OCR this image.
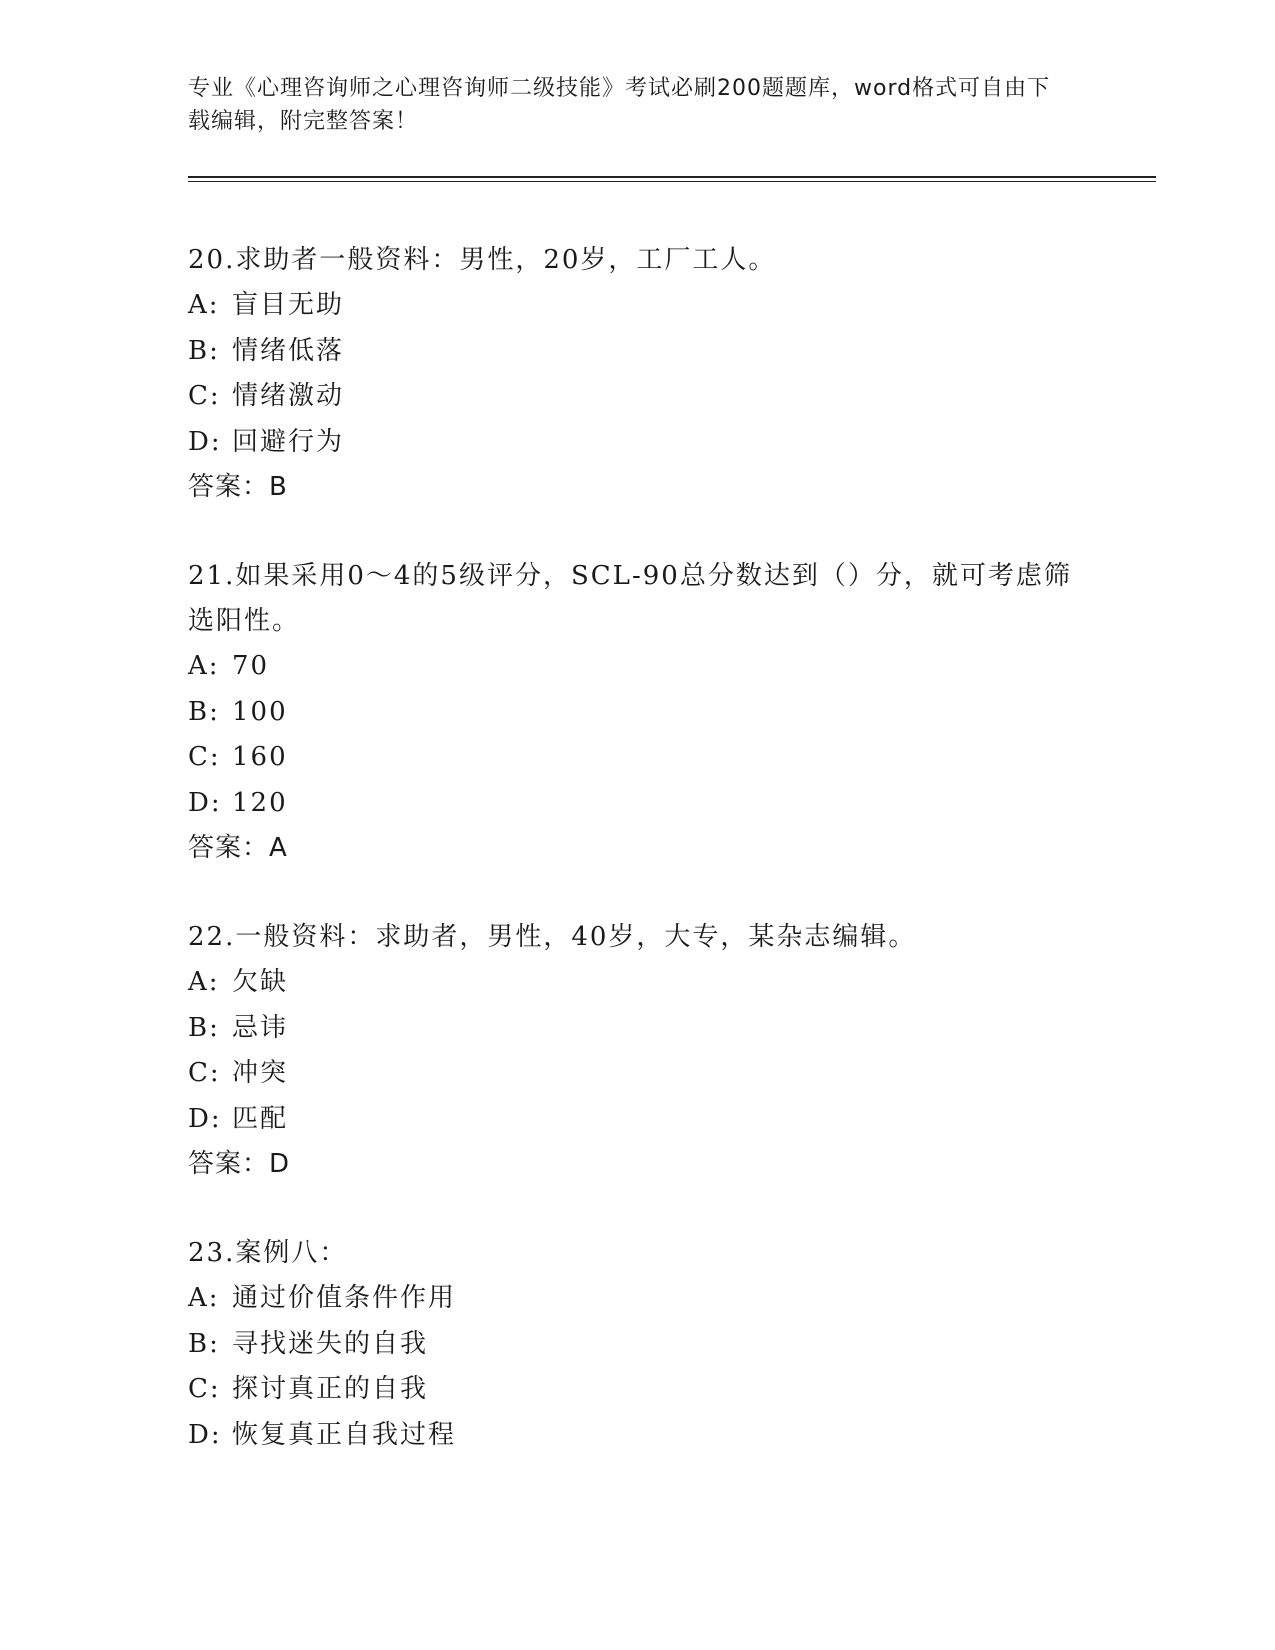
专业《心理咨询师之心理咨询师二级技能》考试必刷200题题库，word格式可自由下载编辑，附完整答案！

20.求助者一般资料：男性，20岁，工厂工人。

A: 盲目无助

B: 情绪低落

C: 情绪激动

D: 回避行为

答案：B

21.如果采用0～4的5级评分，SCL-90总分数达到（）分，就可考虑筛选阳性。

A: 70

B: 100

C: 160

D: 120

答案：A

22.一般资料：求助者，男性，40岁，大专，某杂志编辑。

A: 欠缺

B: 忌讳

C: 冲突

D: 匹配

答案：D

23.案例八：

A: 通过价值条件作用

B: 寻找迷失的自我

C: 探讨真正的自我

D: 恢复真正自我过程
